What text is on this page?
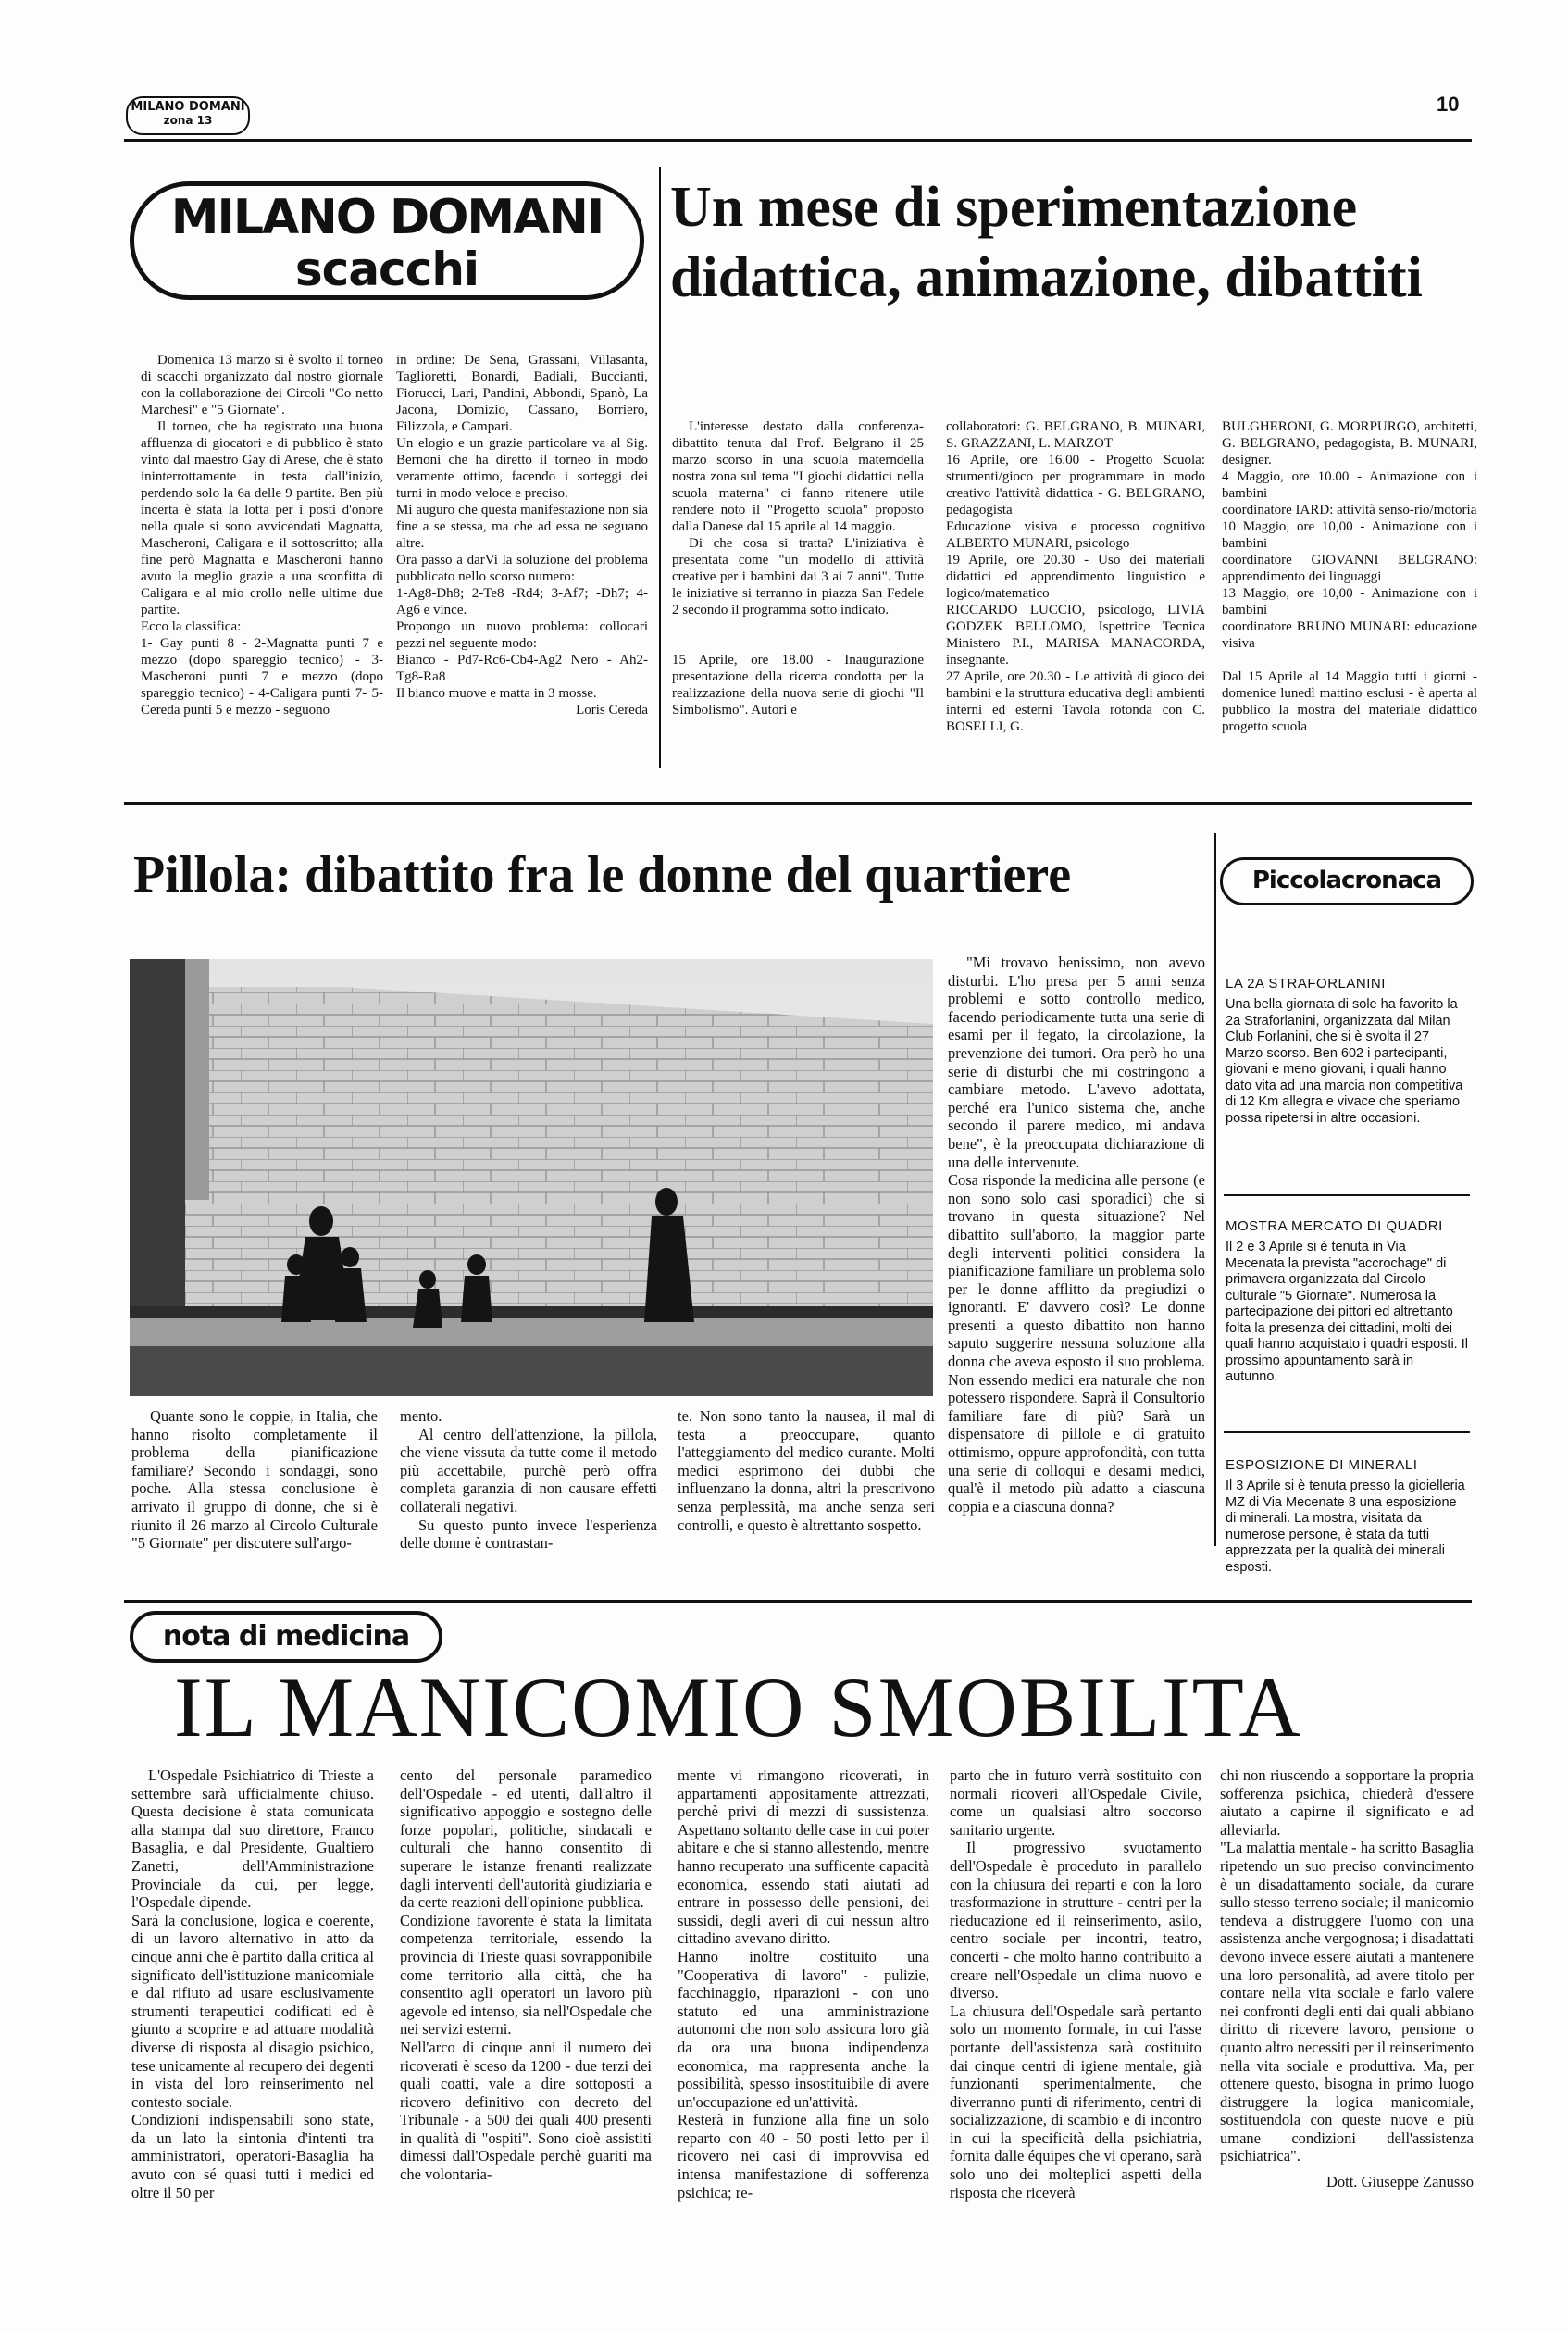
MILANO DOMANI
zona 13
10
MILANO DOMANI
scacchi

Domenica 13 marzo si è svolto il torneo di scacchi organizzato dal nostro giornale con la collaborazione dei Circoli "Co netto Marchesi" e "5 Giornate".

Il torneo, che ha registrato una buona affluenza di giocatori e di pubblico è stato vinto dal maestro Gay di Arese, che è stato ininterrottamente in testa dall'inizio, perdendo solo la 6a delle 9 partite. Ben più incerta è stata la lotta per i posti d'onore nella quale si sono avvicendati Magnatta, Mascheroni, Caligara e il sottoscritto; alla fine però Magnatta e Mascheroni hanno avuto la meglio grazie a una sconfitta di Caligara e al mio crollo nelle ultime due partite.

Ecco la classifica:

1- Gay punti 8 - 2-Magnatta punti 7 e mezzo (dopo spareggio tecnico) - 3-Mascheroni punti 7 e mezzo (dopo spareggio tecnico) - 4-Caligara punti 7- 5-Cereda punti 5 e mezzo - seguono

in ordine: De Sena, Grassani, Villasanta, Taglioretti, Bonardi, Badiali, Buccianti, Fiorucci, Lari, Pandini, Abbondi, Spanò, La Jacona, Domizio, Cassano, Borriero, Filizzola, e Campari.

Un elogio e un grazie particolare va al Sig. Bernoni che ha diretto il torneo in modo veramente ottimo, facendo i sorteggi dei turni in modo veloce e preciso.

Mi auguro che questa manifestazione non sia fine a se stessa, ma che ad essa ne seguano altre.

Ora passo a darVi la soluzione del problema pubblicato nello scorso numero:

1-Ag8-Dh8; 2-Te8 -Rd4; 3-Af7; -Dh7; 4-Ag6 e vince.

Propongo un nuovo problema: collocari pezzi nel seguente modo:

Bianco - Pd7-Rc6-Cb4-Ag2 Nero - Ah2-Tg8-Ra8

Il bianco muove e matta in 3 mosse.

Loris Cereda

Un mese di sperimentazione didattica, animazione, dibattiti

L'interesse destato dalla conferenza-dibattito tenuta dal Prof. Belgrano il 25 marzo scorso in una scuola materndella nostra zona sul tema "I giochi didattici nella scuola materna" ci fanno ritenere utile rendere noto il "Progetto scuola" proposto dalla Danese dal 15 aprile al 14 maggio.

Di che cosa si tratta? L'iniziativa è presentata come "un modello di attività creative per i bambini dai 3 ai 7 anni". Tutte le iniziative si terranno in piazza San Fedele 2 secondo il programma sotto indicato.

15 Aprile, ore 18.00 - Inaugurazione presentazione della ricerca condotta per la realizzazione della nuova serie di giochi "Il Simbolismo". Autori e

collaboratori: G. BELGRANO, B. MUNARI, S. GRAZZANI, L. MARZOT

16 Aprile, ore 16.00 - Progetto Scuola: strumenti/gioco per programmare in modo creativo l'attività didattica - G. BELGRANO, pedagogista

Educazione visiva e processo cognitivo ALBERTO MUNARI, psicologo

19 Aprile, ore 20.30 - Uso dei materiali didattici ed apprendimento linguistico e logico/matematico

RICCARDO LUCCIO, psicologo, LIVIA GODZEK BELLOMO, Ispettrice Tecnica Ministero P.I., MARISA MANACORDA, insegnante.

27 Aprile, ore 20.30 - Le attività di gioco dei bambini e la struttura educativa degli ambienti interni ed esterni Tavola rotonda con C. BOSELLI, G.

BULGHERONI, G. MORPURGO, architetti, G. BELGRANO, pedagogista, B. MUNARI, designer.

4 Maggio, ore 10.00 - Animazione con i bambini

coordinatore IARD: attività senso-rio/motoria

10 Maggio, ore 10,00 - Animazione con i bambini

coordinatore GIOVANNI BELGRANO: apprendimento dei linguaggi

13 Maggio, ore 10,00 - Animazione con i bambini

coordinatore BRUNO MUNARI: educazione visiva

Dal 15 Aprile al 14 Maggio tutti i giorni - domenice lunedì mattino esclusi - è aperta al pubblico la mostra del materiale didattico progetto scuola

Pillola: dibattito fra le donne del quartiere

"Mi trovavo benissimo, non avevo disturbi. L'ho presa per 5 anni senza problemi e sotto controllo medico, facendo periodicamente tutta una serie di esami per il fegato, la circolazione, la prevenzione dei tumori. Ora però ho una serie di disturbi che mi costringono a cambiare metodo. L'avevo adottata, perché era l'unico sistema che, anche secondo il parere medico, mi andava bene", è la preoccupata dichiarazione di una delle intervenute.

Cosa risponde la medicina alle persone (e non sono solo casi sporadici) che si trovano in questa situazione? Nel dibattito sull'aborto, la maggior parte degli interventi politici considera la pianificazione familiare un problema solo per le donne afflitto da pregiudizi o ignoranti. E' davvero così? Le donne presenti a questo dibattito non hanno saputo suggerire nessuna soluzione alla donna che aveva esposto il suo problema. Non essendo medici era naturale che non potessero rispondere. Saprà il Consultorio familiare fare di più? Sarà un dispensatore di pillole e di gratuito ottimismo, oppure approfondità, con tutta una serie di colloqui e desami medici, qual'è il metodo più adatto a ciascuna coppia e a ciascuna donna?

Quante sono le coppie, in Italia, che hanno risolto completamente il problema della pianificazione familiare? Secondo i sondaggi, sono poche. Alla stessa conclusione è arrivato il gruppo di donne, che si è riunito il 26 marzo al Circolo Culturale "5 Giornate" per discutere sull'argo-

mento.

Al centro dell'attenzione, la pillola, che viene vissuta da tutte come il metodo più accettabile, purchè però offra completa garanzia di non causare effetti collaterali negativi.

Su questo punto invece l'esperienza delle donne è contrastan-

te. Non sono tanto la nausea, il mal di testa a preoccupare, quanto l'atteggiamento del medico curante. Molti medici esprimono dei dubbi che influenzano la donna, altri la prescrivono senza perplessità, ma anche senza seri controlli, e questo è altrettanto sospetto.

Piccolacronaca
LA 2A STRAFORLANINI
Una bella giornata di sole ha favorito la 2a Straforlanini, organizzata dal Milan Club Forlanini, che si è svolta il 27 Marzo scorso. Ben 602 i partecipanti, giovani e meno giovani, i quali hanno dato vita ad una marcia non competitiva di 12 Km allegra e vivace che speriamo possa ripetersi in altre occasioni.
MOSTRA MERCATO DI QUADRI
Il 2 e 3 Aprile si è tenuta in Via Mecenata la prevista "accrochage" di primavera organizzata dal Circolo culturale "5 Giornate". Numerosa la partecipazione dei pittori ed altrettanto folta la presenza dei cittadini, molti dei quali hanno acquistato i quadri esposti. Il prossimo appuntamento sarà in autunno.
ESPOSIZIONE DI MINERALI
Il 3 Aprile si è tenuta presso la gioielleria MZ di Via Mecenate 8 una esposizione di minerali. La mostra, visitata da numerose persone, è stata da tutti apprezzata per la qualità dei minerali esposti.
nota di medicina
IL MANICOMIO SMOBILITA

L'Ospedale Psichiatrico di Trieste a settembre sarà ufficialmente chiuso. Questa decisione è stata comunicata alla stampa dal suo direttore, Franco Basaglia, e dal Presidente, Gualtiero Zanetti, dell'Amministrazione Provinciale da cui, per legge, l'Ospedale dipende.

Sarà la conclusione, logica e coerente, di un lavoro alternativo in atto da cinque anni che è partito dalla critica al significato dell'istituzione manicomiale e dal rifiuto ad usare esclusivamente strumenti terapeutici codificati ed è giunto a scoprire e ad attuare modalità diverse di risposta al disagio psichico, tese unicamente al recupero dei degenti in vista del loro reinserimento nel contesto sociale.

Condizioni indispensabili sono state, da un lato la sintonia d'intenti tra amministratori, operatori-Basaglia ha avuto con sé quasi tutti i medici ed oltre il 50 per

cento del personale paramedico dell'Ospedale - ed utenti, dall'altro il significativo appoggio e sostegno delle forze popolari, politiche, sindacali e culturali che hanno consentito di superare le istanze frenanti realizzate dagli interventi dell'autorità giudiziaria e da certe reazioni dell'opinione pubblica.

Condizione favorente è stata la limitata competenza territoriale, essendo la provincia di Trieste quasi sovrapponibile come territorio alla città, che ha consentito agli operatori un lavoro più agevole ed intenso, sia nell'Ospedale che nei servizi esterni.

Nell'arco di cinque anni il numero dei ricoverati è sceso da 1200 - due terzi dei quali coatti, vale a dire sottoposti a ricovero definitivo con decreto del Tribunale - a 500 dei quali 400 presenti in qualità di "ospiti". Sono cioè assistiti dimessi dall'Ospedale perchè guariti ma che volontaria-

mente vi rimangono ricoverati, in appartamenti appositamente attrezzati, perchè privi di mezzi di sussistenza. Aspettano soltanto delle case in cui poter abitare e che si stanno allestendo, mentre hanno recuperato una sufficente capacità economica, essendo stati aiutati ad entrare in possesso delle pensioni, dei sussidi, degli averi di cui nessun altro cittadino avevano diritto.

Hanno inoltre costituito una "Cooperativa di lavoro" - pulizie, facchinaggio, riparazioni - con uno statuto ed una amministrazione autonomi che non solo assicura loro già da ora una buona indipendenza economica, ma rappresenta anche la possibilità, spesso insostituibile di avere un'occupazione ed un'attività.

Resterà in funzione alla fine un solo reparto con 40 - 50 posti letto per il ricovero nei casi di improvvisa ed intensa manifestazione di sofferenza psichica; re-

parto che in futuro verrà sostituito con normali ricoveri all'Ospedale Civile, come un qualsiasi altro soccorso sanitario urgente.

Il progressivo svuotamento dell'Ospedale è proceduto in parallelo con la chiusura dei reparti e con la loro trasformazione in strutture - centri per la rieducazione ed il reinserimento, asilo, centro sociale per incontri, teatro, concerti - che molto hanno contribuito a creare nell'Ospedale un clima nuovo e diverso.

La chiusura dell'Ospedale sarà pertanto solo un momento formale, in cui l'asse portante dell'assistenza sarà costituito dai cinque centri di igiene mentale, già funzionanti sperimentalmente, che diverranno punti di riferimento, centri di socializzazione, di scambio e di incontro in cui la specificità della psichiatria, fornita dalle équipes che vi operano, sarà solo uno dei molteplici aspetti della risposta che riceverà

chi non riuscendo a sopportare la propria sofferenza psichica, chiederà d'essere aiutato a capirne il significato e ad alleviarla.

"La malattia mentale - ha scritto Basaglia ripetendo un suo preciso convincimento è un disadattamento sociale, da curare sullo stesso terreno sociale; il manicomio tendeva a distruggere l'uomo con una assistenza anche vergognosa; i disadattati devono invece essere aiutati a mantenere una loro personalità, ad avere titolo per contare nella vita sociale e farlo valere nei confronti degli enti dai quali abbiano diritto di ricevere lavoro, pensione o quanto altro necessiti per il reinserimento nella vita sociale e produttiva. Ma, per ottenere questo, bisogna in primo luogo distruggere la logica manicomiale, sostituendola con queste nuove e più umane condizioni dell'assistenza psichiatrica".

Dott. Giuseppe Zanusso
